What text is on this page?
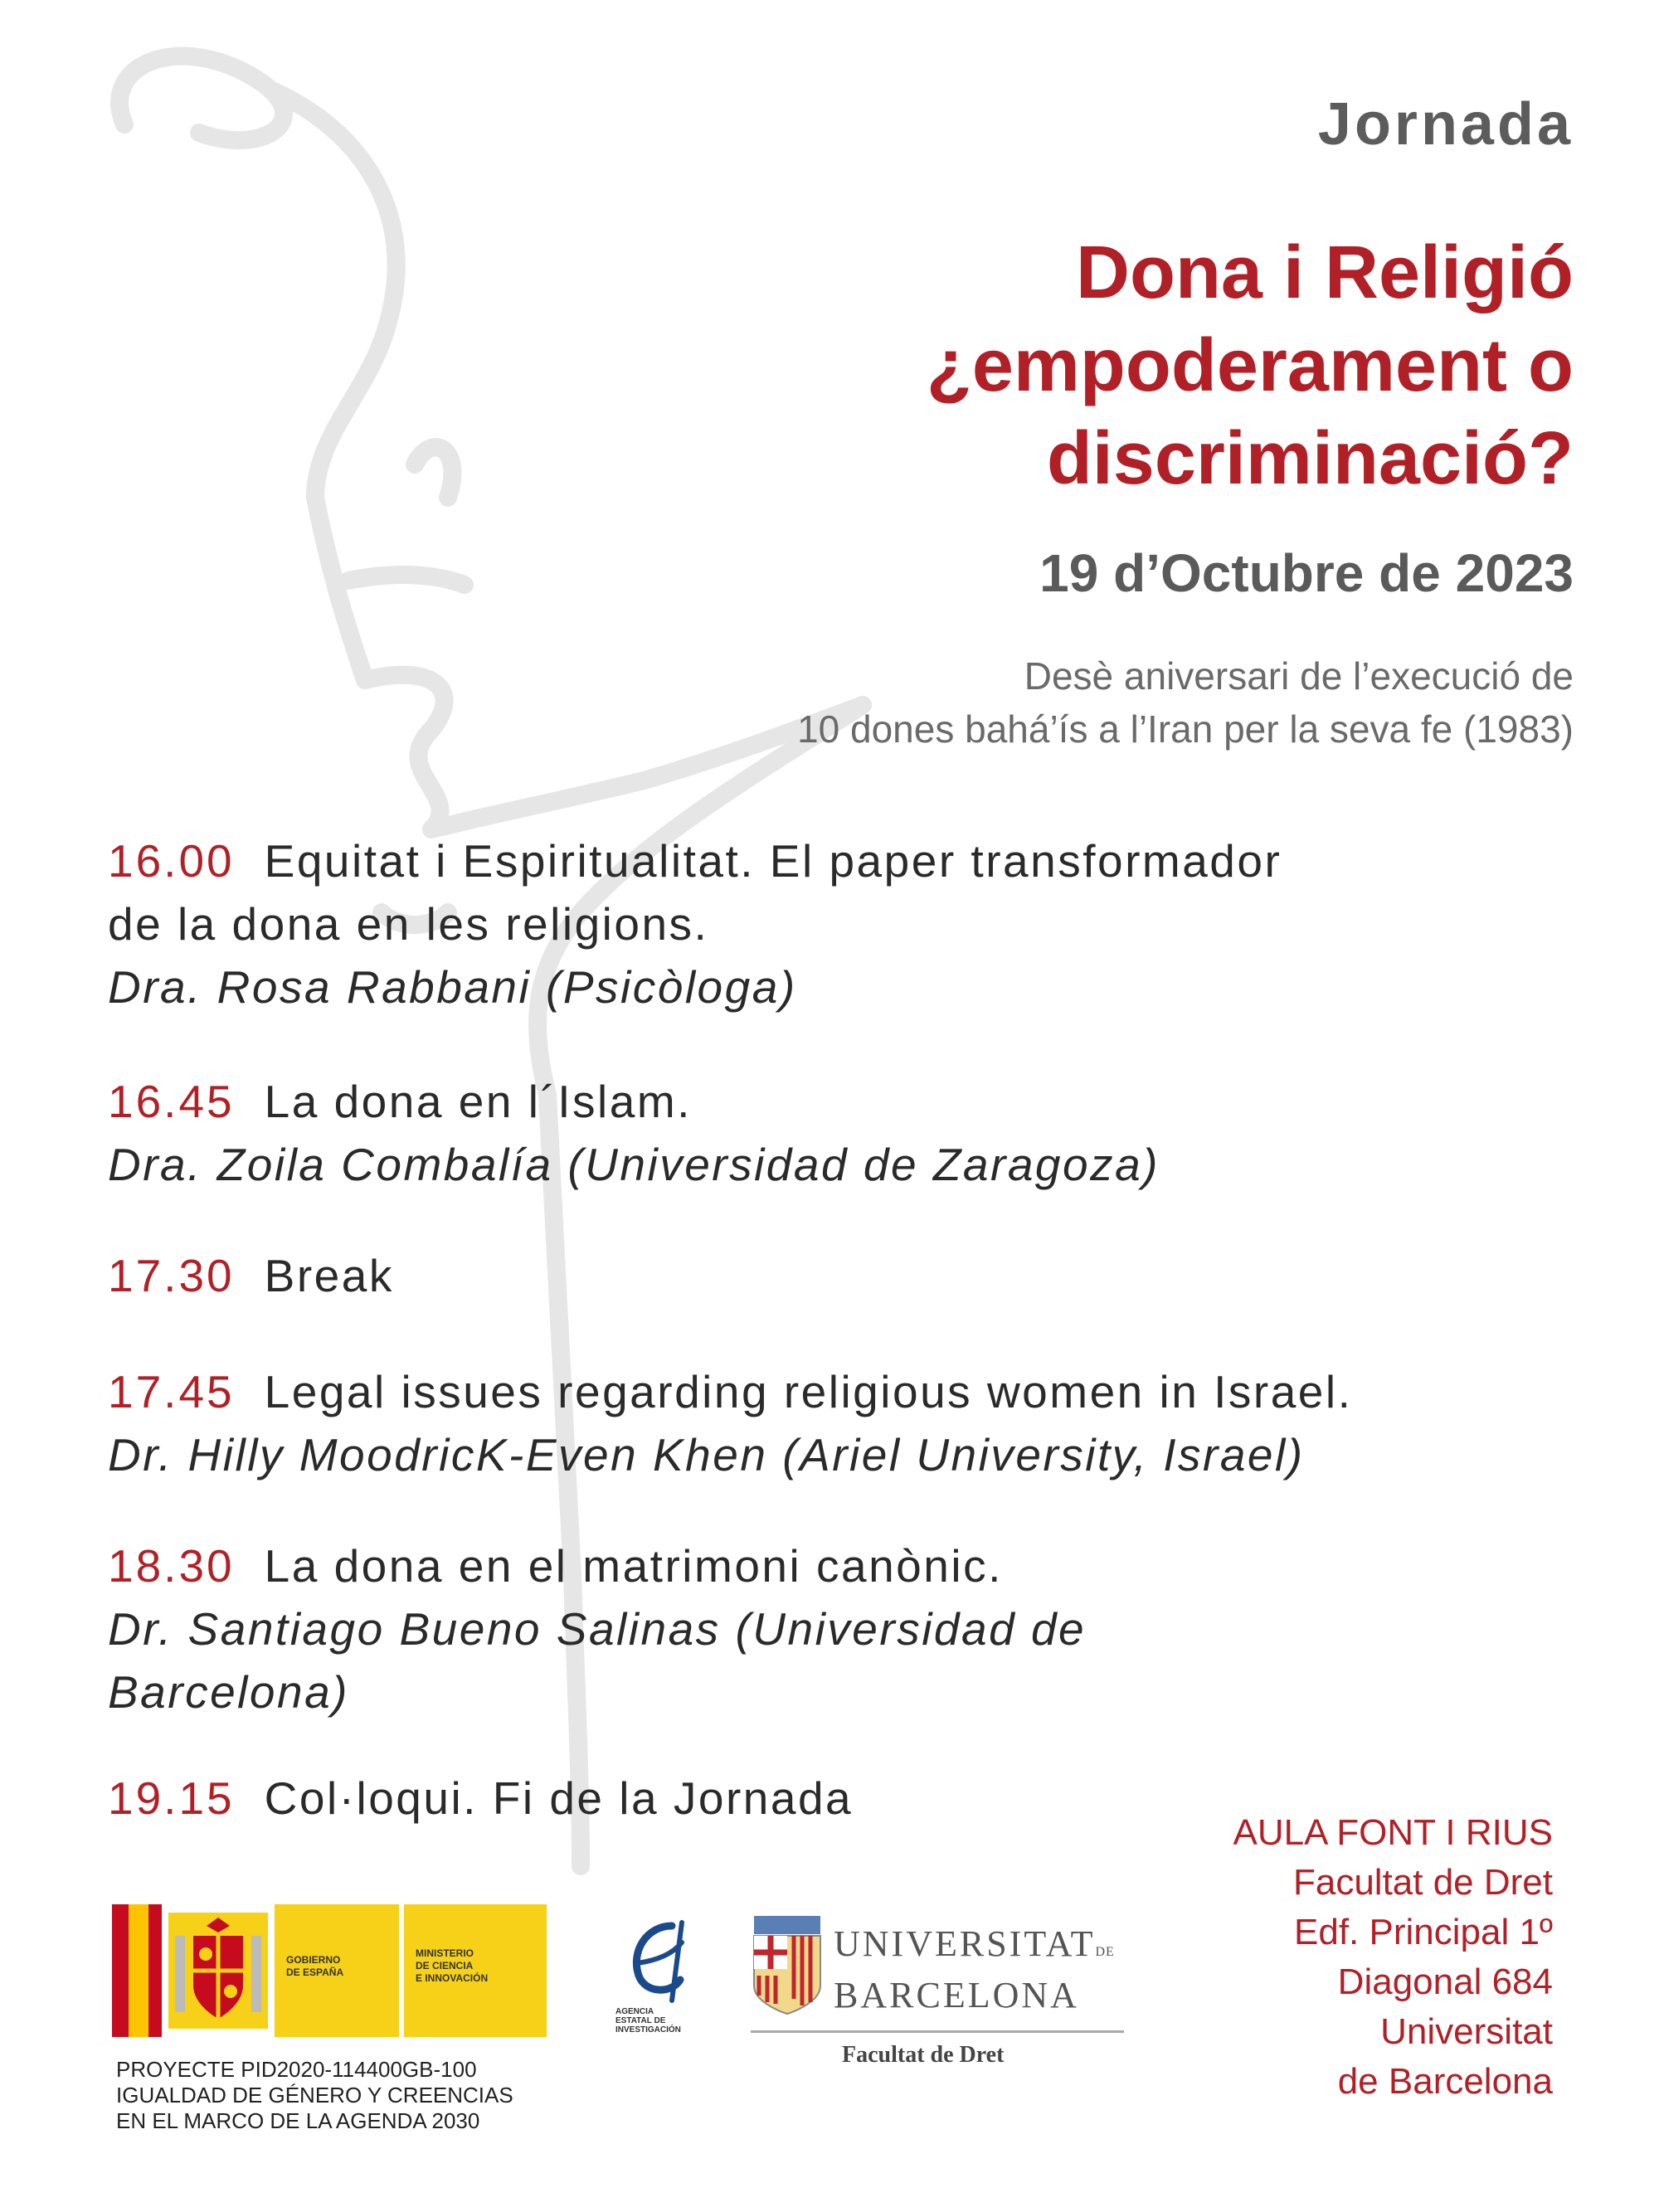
Jornada
Dona i Religió
¿empoderament o
discriminació?
19 d’Octubre de 2023
Desè aniversari de l’execució de
10 dones bahá’ís a l’Iran per la seva fe (1983)
16.00 Equitat i Espiritualitat. El paper transformador
de la dona en les religions.
Dra. Rosa Rabbani (Psicòloga)
16.45 La dona en l´Islam.
Dra. Zoila Combalía (Universidad de Zaragoza)
17.30 Break
17.45 Legal issues regarding religious women in Israel.
Dr. Hilly MoodricK-Even Khen (Ariel University, Israel)
18.30 La dona en el matrimoni canònic.
Dr. Santiago Bueno Salinas (Universidad de
Barcelona)
19.15 Col·loqui. Fi de la Jornada
AULA FONT I RIUS
Facultat de Dret
Edf. Principal 1º
Diagonal 684
Universitat
de Barcelona
GOBIERNO
DE ESPAÑA
MINISTERIO
DE CIENCIA
E INNOVACIÓN
AGENCIA
ESTATAL DE
INVESTIGACIÓN
UNIVERSITATDE
BARCELONA
Facultat de Dret
PROYECTE PID2020-114400GB-100
IGUALDAD DE GÉNERO Y CREENCIAS
EN EL MARCO DE LA AGENDA 2030
